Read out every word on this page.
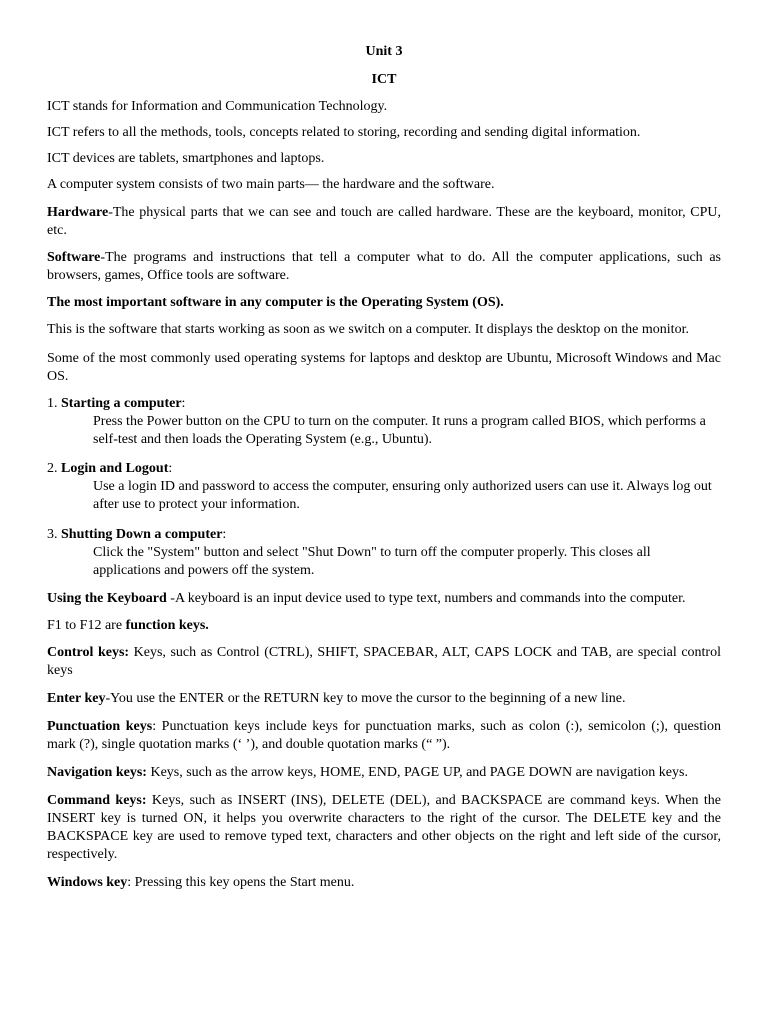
Unit 3
ICT

ICT stands for Information and Communication Technology.

ICT refers to all the methods, tools, concepts related to storing, recording and sending digital information.

ICT devices are tablets, smartphones and laptops.

A computer system consists of two main parts— the hardware and the software.

Hardware-The physical parts that we can see and touch are called hardware. These are the keyboard, monitor, CPU, etc.

Software-The programs and instructions that tell a computer what to do. All the computer applications, such as browsers, games, Office tools are software.

The most important software in any computer is the Operating System (OS).

This is the software that starts working as soon as we switch on a computer. It displays the desktop on the monitor.

Some of the most commonly used operating systems for laptops and desktop are Ubuntu, Microsoft Windows and Mac OS.

1. Starting a computer:
Press the Power button on the CPU to turn on the computer. It runs a program called BIOS, which performs a self-test and then loads the Operating System (e.g., Ubuntu).
2. Login and Logout:
Use a login ID and password to access the computer, ensuring only authorized users can use it. Always log out after use to protect your information.
3. Shutting Down a computer:
Click the "System" button and select "Shut Down" to turn off the computer properly. This closes all applications and powers off the system.

Using the Keyboard -A keyboard is an input device used to type text, numbers and commands into the computer.

F1 to F12 are function keys.

Control keys: Keys, such as Control (CTRL), SHIFT, SPACEBAR, ALT, CAPS LOCK and TAB, are special control keys

Enter key-You use the ENTER or the RETURN key to move the cursor to the beginning of a new line.

Punctuation keys: Punctuation keys include keys for punctuation marks, such as colon (:), semicolon (;), question mark (?), single quotation marks (‘ ’), and double quotation marks (“ ”).

Navigation keys: Keys, such as the arrow keys, HOME, END, PAGE UP, and PAGE DOWN are navigation keys.

Command keys: Keys, such as INSERT (INS), DELETE (DEL), and BACKSPACE are command keys. When the INSERT key is turned ON, it helps you overwrite characters to the right of the cursor. The DELETE key and the BACKSPACE key are used to remove typed text, characters and other objects on the right and left side of the cursor, respectively.

Windows key: Pressing this key opens the Start menu.
